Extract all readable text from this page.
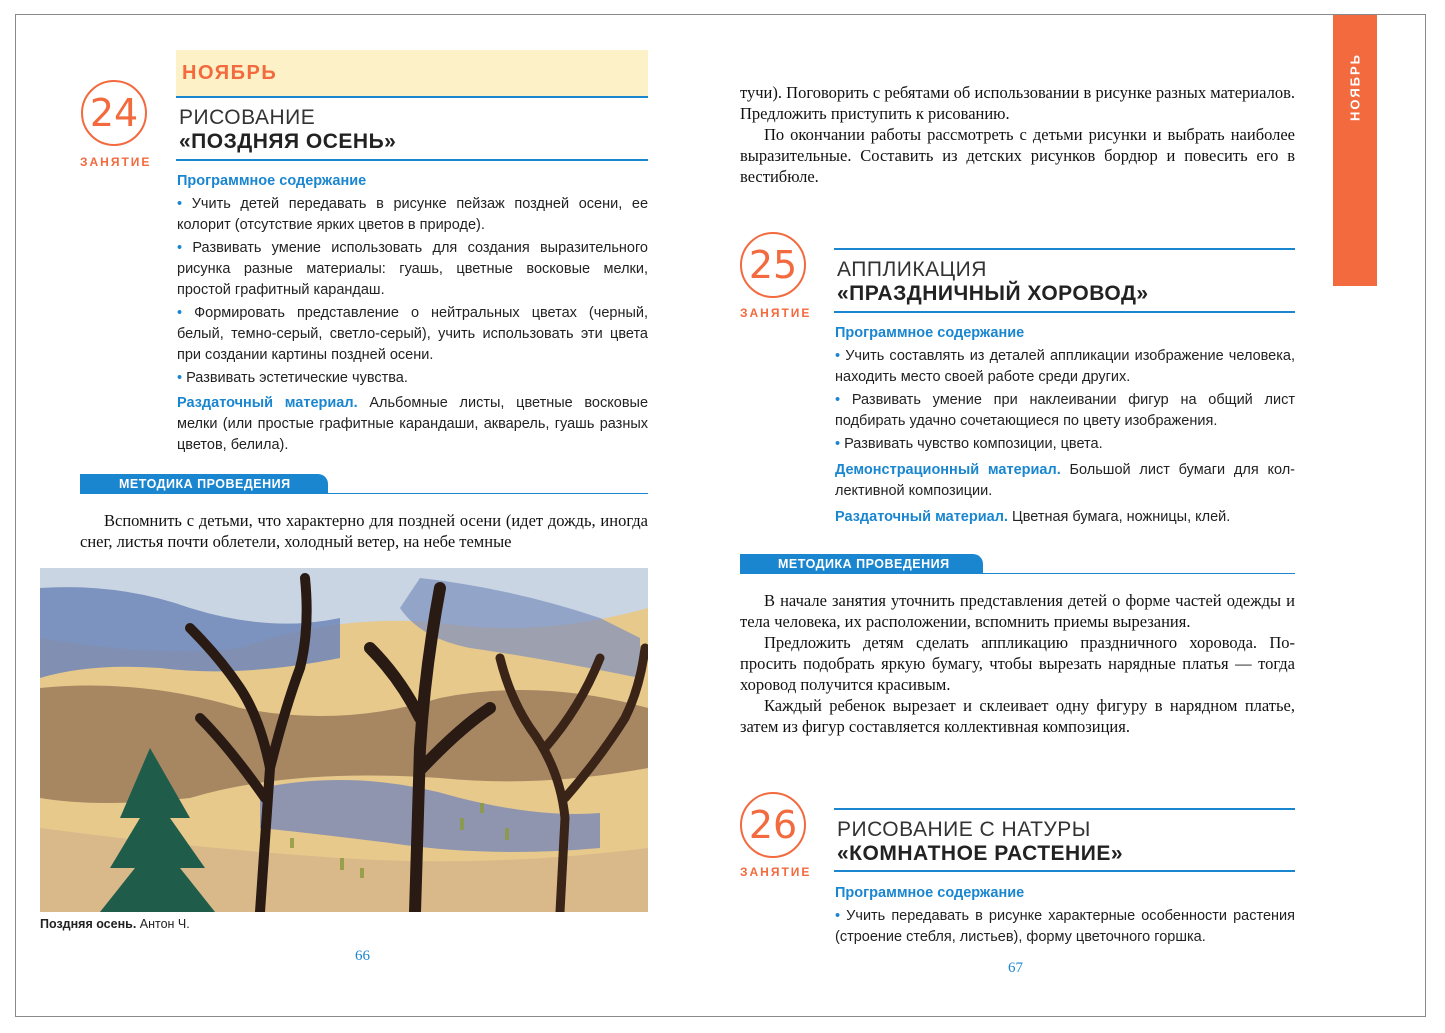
НОЯБРЬ
24
ЗАНЯТИЕ
РИСОВАНИЕ
«ПОЗДНЯЯ ОСЕНЬ»

Программное содержание

• Учить детей передавать в рисунке пейзаж поздней осени, ее колорит (отсутствие ярких цветов в природе).

• Развивать умение использовать для создания выразительного рисунка разные материалы: гуашь, цветные восковые мелки, простой графитный карандаш.

• Формировать представление о нейтральных цветах (черный, белый, темно-серый, светло-серый), учить использовать эти цвета при создании картины поздней осени.

• Развивать эстетические чувства.

Раздаточный материал. Альбомные листы, цветные восковые мелки (или простые графитные карандаши, акварель, гуашь разных цветов, белила).

МЕТОДИКА ПРОВЕДЕНИЯ

Вспомнить с детьми, что характерно для поздней осени (идет дождь, иногда снег, листья почти облетели, холодный ветер, на небе темные

Поздняя осень. Антон Ч.
66
НОЯБРЬ

тучи). Поговорить с ребятами об использовании в рисунке разных материалов. Предложить приступить к рисованию.

По окончании работы рассмотреть с детьми рисунки и выбрать наиболее выразительные. Составить из детских рисунков бордюр и повесить его в вестибюле.

25
ЗАНЯТИЕ
АППЛИКАЦИЯ
«ПРАЗДНИЧНЫЙ ХОРОВОД»

Программное содержание

• Учить составлять из деталей аппликации изображение человека, находить место своей работе среди других.

• Развивать умение при наклеивании фигур на общий лист подбирать удачно сочетающиеся по цвету изображения.

• Развивать чувство композиции, цвета.

Демонстрационный материал. Большой лист бумаги для коллективной композиции.

Раздаточный материал. Цветная бумага, ножницы, клей.

МЕТОДИКА ПРОВЕДЕНИЯ

В начале занятия уточнить представления детей о форме частей одежды и тела человека, их расположении, вспомнить приемы вырезания.

Предложить детям сделать аппликацию праздничного хоровода. Попросить подобрать яркую бумагу, чтобы вырезать нарядные платья — тогда хоровод получится красивым.

Каждый ребенок вырезает и склеивает одну фигуру в нарядном платье, затем из фигур составляется коллективная композиция.

26
ЗАНЯТИЕ
РИСОВАНИЕ С НАТУРЫ
«КОМНАТНОЕ РАСТЕНИЕ»

Программное содержание

• Учить передавать в рисунке характерные особенности растения (строение стебля, листьев), форму цветочного горшка.

67
